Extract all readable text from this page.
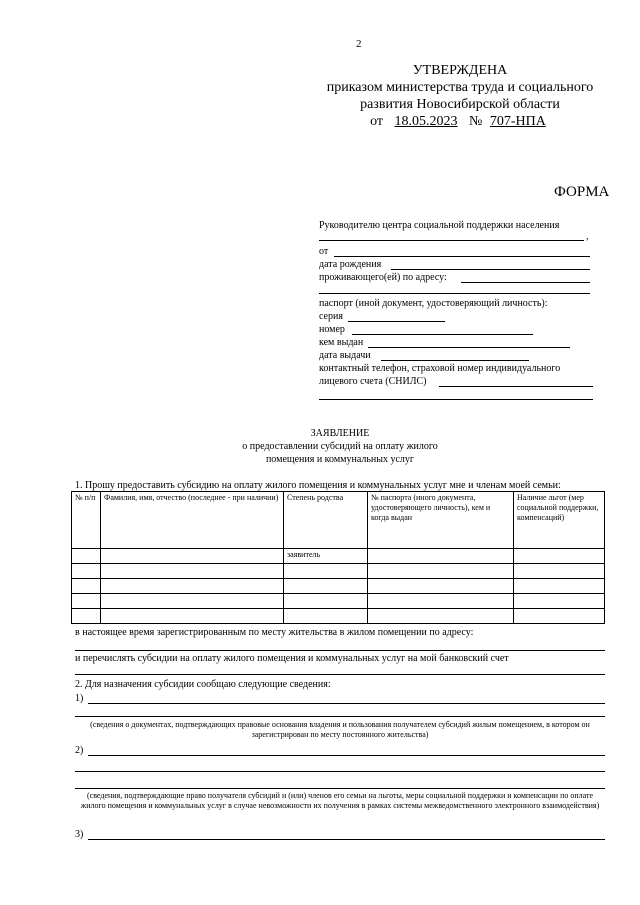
2
УТВЕРЖДЕНА
приказом министерства труда и социального
развития Новосибирской области
от 18.05.2023 № 707-НПА
ФОРМА
Руководителю центра социальной поддержки населения
,
от
дата рождения
проживающего(ей) по адресу:
паспорт (иной документ, удостоверяющий личность):
серия
номер
кем выдан
дата выдачи
контактный телефон, страховой номер индивидуального
лицевого счета (СНИЛС)
ЗАЯВЛЕНИЕ
о предоставлении субсидий на оплату жилого
помещения и коммунальных услуг
1. Прошу предоставить субсидию на оплату жилого помещения и коммунальных услуг мне и членам моей семьи:
№ п/п	Фамилия, имя, отчество (последнее - при наличии)	Степень родства	№ паспорта (иного документа, удостоверяющего личность), кем и когда выдан	Наличие льгот (мер социальной поддержки, компенсаций)
		заявитель		

в настоящее время зарегистрированным по месту жительства в жилом помещении по адресу:
и перечислять субсидии на оплату жилого помещения и коммунальных услуг на мой банковский счет
2. Для назначения субсидии сообщаю следующие сведения:
1)
(сведения о документах, подтверждающих правовые основания владения и пользования получателем субсидий жилым помещением, в котором он зарегистрирован по месту постоянного жительства)
2)
(сведения, подтверждающие право получателя субсидий и (или) членов его семьи на льготы, меры социальной поддержки и компенсации по оплате жилого помещения и коммунальных услуг в случае невозможности их получения в рамках системы межведомственного электронного взаимодействия)
3)
